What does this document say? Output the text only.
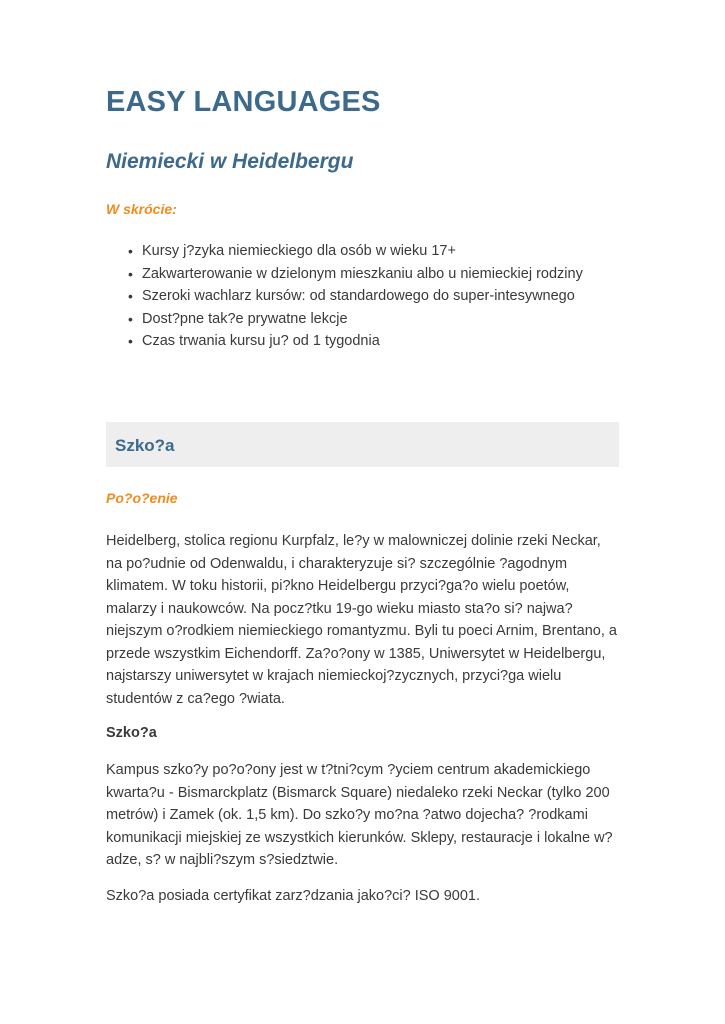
EASY LANGUAGES
Niemiecki w Heidelbergu
W skrócie:
• Kursy j?zyka niemieckiego dla osób w wieku 17+
• Zakwarterowanie w dzielonym mieszkaniu albo u niemieckiej rodziny
• Szeroki wachlarz kursów: od standardowego do super-intesywnego
• Dost?pne tak?e prywatne lekcje
• Czas trwania kursu ju? od 1 tygodnia
Szko?a
Po?o?enie

Heidelberg, stolica regionu Kurpfalz, le?y w malowniczej dolinie rzeki Neckar, na po?udnie od Odenwaldu, i charakteryzuje si? szczególnie ?agodnym klimatem. W toku historii, pi?kno Heidelbergu przyci?ga?o wielu poetów, malarzy i naukowców. Na pocz?tku 19-go wieku miasto sta?o si? najwa?niejszym o?rodkiem niemieckiego romantyzmu. Byli tu poeci Arnim, Brentano, a przede wszystkim Eichendorff. Za?o?ony w 1385, Uniwersytet w Heidelbergu, najstarszy uniwersytet w krajach niemieckoj?zycznych, przyci?ga wielu studentów z ca?ego ?wiata.

Szko?a

Kampus szko?y po?o?ony jest w t?tni?cym ?yciem centrum akademickiego kwarta?u - Bismarckplatz (Bismarck Square) niedaleko rzeki Neckar (tylko 200 metrów) i Zamek (ok. 1,5 km). Do szko?y mo?na ?atwo dojecha? ?rodkami komunikacji miejskiej ze wszystkich kierunków. Sklepy, restauracje i lokalne w?adze, s? w najbli?szym s?siedztwie.

Szko?a posiada certyfikat zarz?dzania jako?ci? ISO 9001.
